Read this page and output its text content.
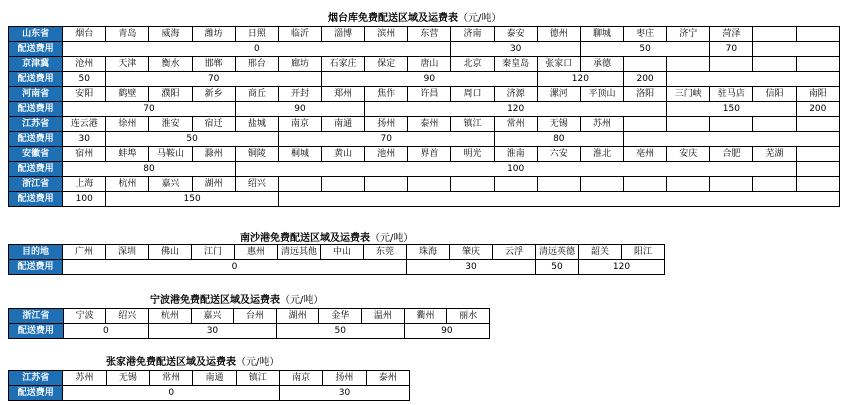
烟台库免费配送区域及运费表（元/吨）
山东省	烟台	青岛	威海	潍坊	日照	临沂	淄博	滨州	东营	济南	泰安	德州	聊城	枣庄	济宁	菏泽		
配送费用	0									30			50			70		
京津冀	沧州	天津	衡水	邯郸	邢台	廊坊	石家庄	保定	唐山	北京	秦皇岛	张家口	承德					
配送费用	50	70					90					120		200				
河南省	安阳	鹤壁	濮阳	新乡	商丘	开封	郑州	焦作	许昌	周口	济源	漯河	平顶山	洛阳	三门峡	驻马店	信阳	南阳
配送费用	70				90			120							150			200
江苏省	连云港	徐州	淮安	宿迁	盐城	南京	南通	扬州	泰州	镇江	常州	无锡	苏州					
配送费用	30	50				70					80							
安徽省	宿州	蚌埠	马鞍山	滁州	铜陵	桐城	黄山	池州	界首	明光	淮南	六安	淮北	亳州	安庆	合肥	芜湖	
配送费用	80				100													
浙江省	上海	杭州	嘉兴	湖州	绍兴													
配送费用	100	150																
南沙港免费配送区域及运费表（元/吨）
目的地	广州	深圳	佛山	江门	惠州	清远其他	中山	东莞	珠海	肇庆	云浮	清远英德	韶关	阳江
配送费用	0								30			50	120	
宁波港免费配送区域及运费表（元/吨）
浙江省	宁波	绍兴	杭州	嘉兴	台州	湖州	金华	温州	衢州	丽水
配送费用	0		30			50			90	
张家港免费配送区域及运费表（元/吨）
江苏省	苏州	无锡	常州	南通	镇江	南京	扬州	泰州
配送费用	0					30		
